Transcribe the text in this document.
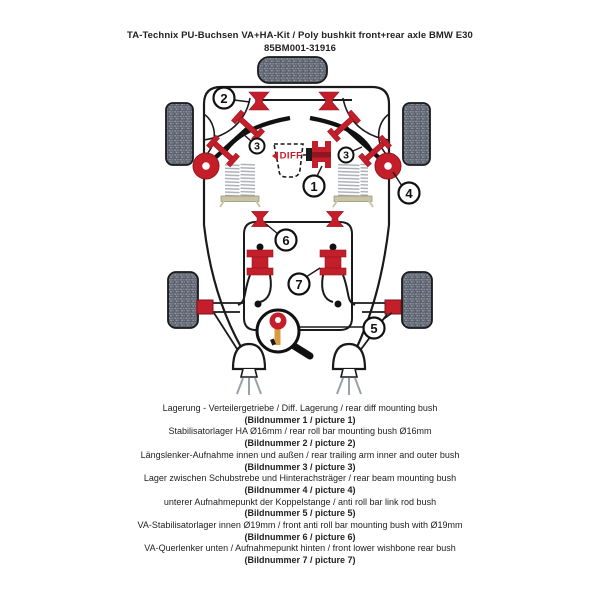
TA-Technix PU-Buchsen VA+HA-Kit / Poly bushkit front+rear axle BMW E30
85BM001-31916
DIFF
1
2
3
3
4
5
6
7
Lagerung - Verteilergetriebe / Diff. Lagerung / rear diff mounting bush
(Bildnummer 1 / picture 1)
Stabilisatorlager HA Ø16mm / rear roll bar mounting bush Ø16mm
(Bildnummer 2 / picture 2)
Längslenker-Aufnahme innen und außen / rear trailing arm inner and outer bush
(Bildnummer 3 / picture 3)
Lager zwischen Schubstrebe und Hinterachsträger / rear beam mounting bush
(Bildnummer 4 / picture 4)
unterer Aufnahmepunkt der Koppelstange / anti roll bar link rod bush
(Bildnummer 5 / picture 5)
VA-Stabilisatorlager innen Ø19mm / front anti roll bar mounting bush with Ø19mm
(Bildnummer 6 / picture 6)
VA-Querlenker unten / Aufnahmepunkt hinten / front lower wishbone rear bush
(Bildnummer 7 / picture 7)
